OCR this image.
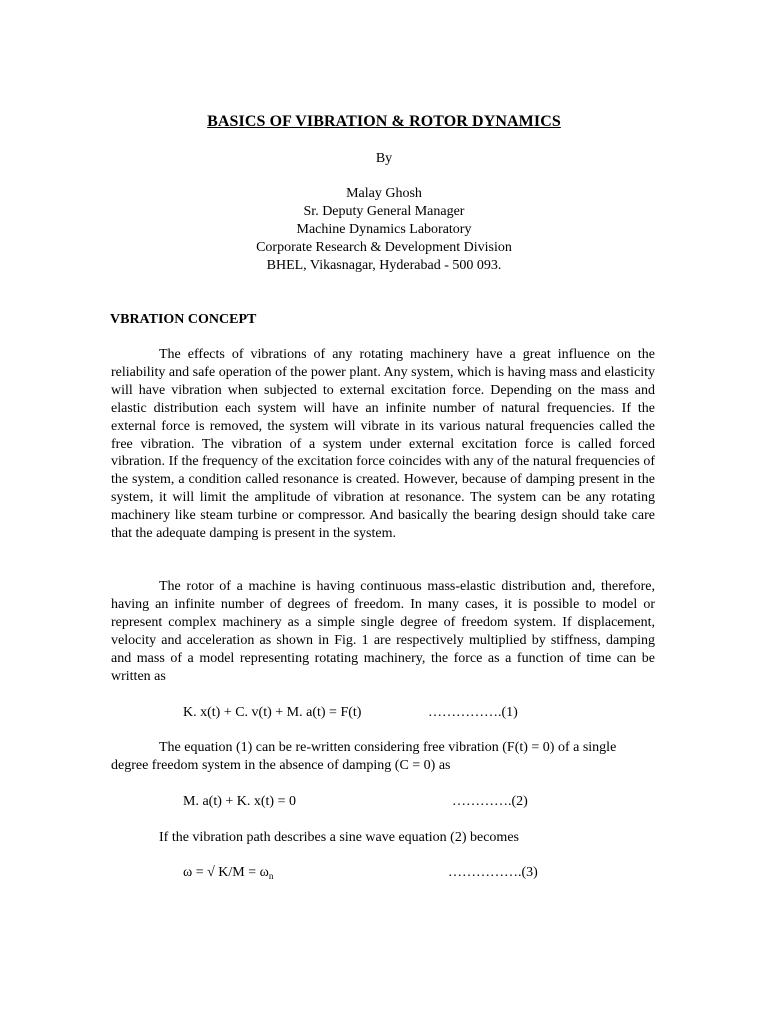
BASICS OF VIBRATION & ROTOR DYNAMICS
By
Malay Ghosh
Sr. Deputy General Manager
Machine Dynamics Laboratory
Corporate Research & Development Division
BHEL, Vikasnagar, Hyderabad - 500 093.
VBRATION CONCEPT

The effects of vibrations of any rotating machinery have a great influence on the reliability and safe operation of the power plant. Any system, which is having mass and elasticity will have vibration when subjected to external excitation force. Depending on the mass and elastic distribution each system will have an infinite number of natural frequencies. If the external force is removed, the system will vibrate in its various natural frequencies called the free vibration. The vibration of a system under external excitation force is called forced vibration. If the frequency of the excitation force coincides with any of the natural frequencies of the system, a condition called resonance is created. However, because of damping present in the system, it will limit the amplitude of vibration at resonance. The system can be any rotating machinery like steam turbine or compressor. And basically the bearing design should take care that the adequate damping is present in the system.

The rotor of a machine is having continuous mass-elastic distribution and, therefore, having an infinite number of degrees of freedom. In many cases, it is possible to model or represent complex machinery as a simple single degree of freedom system. If displacement, velocity and acceleration as shown in Fig. 1 are respectively multiplied by stiffness, damping and mass of a model representing rotating machinery, the force as a function of time can be written as

K. x(t) + C. v(t) + M. a(t) = F(t)	…………….(1)

The equation (1) can be re-written considering free vibration (F(t) = 0) of a single degree freedom system in the absence of damping (C = 0) as

M. a(t) + K. x(t) = 0	………….(2)

If the vibration path describes a sine wave equation (2) becomes

ω = √ $K/M = \omega_n$	…………….(3)
